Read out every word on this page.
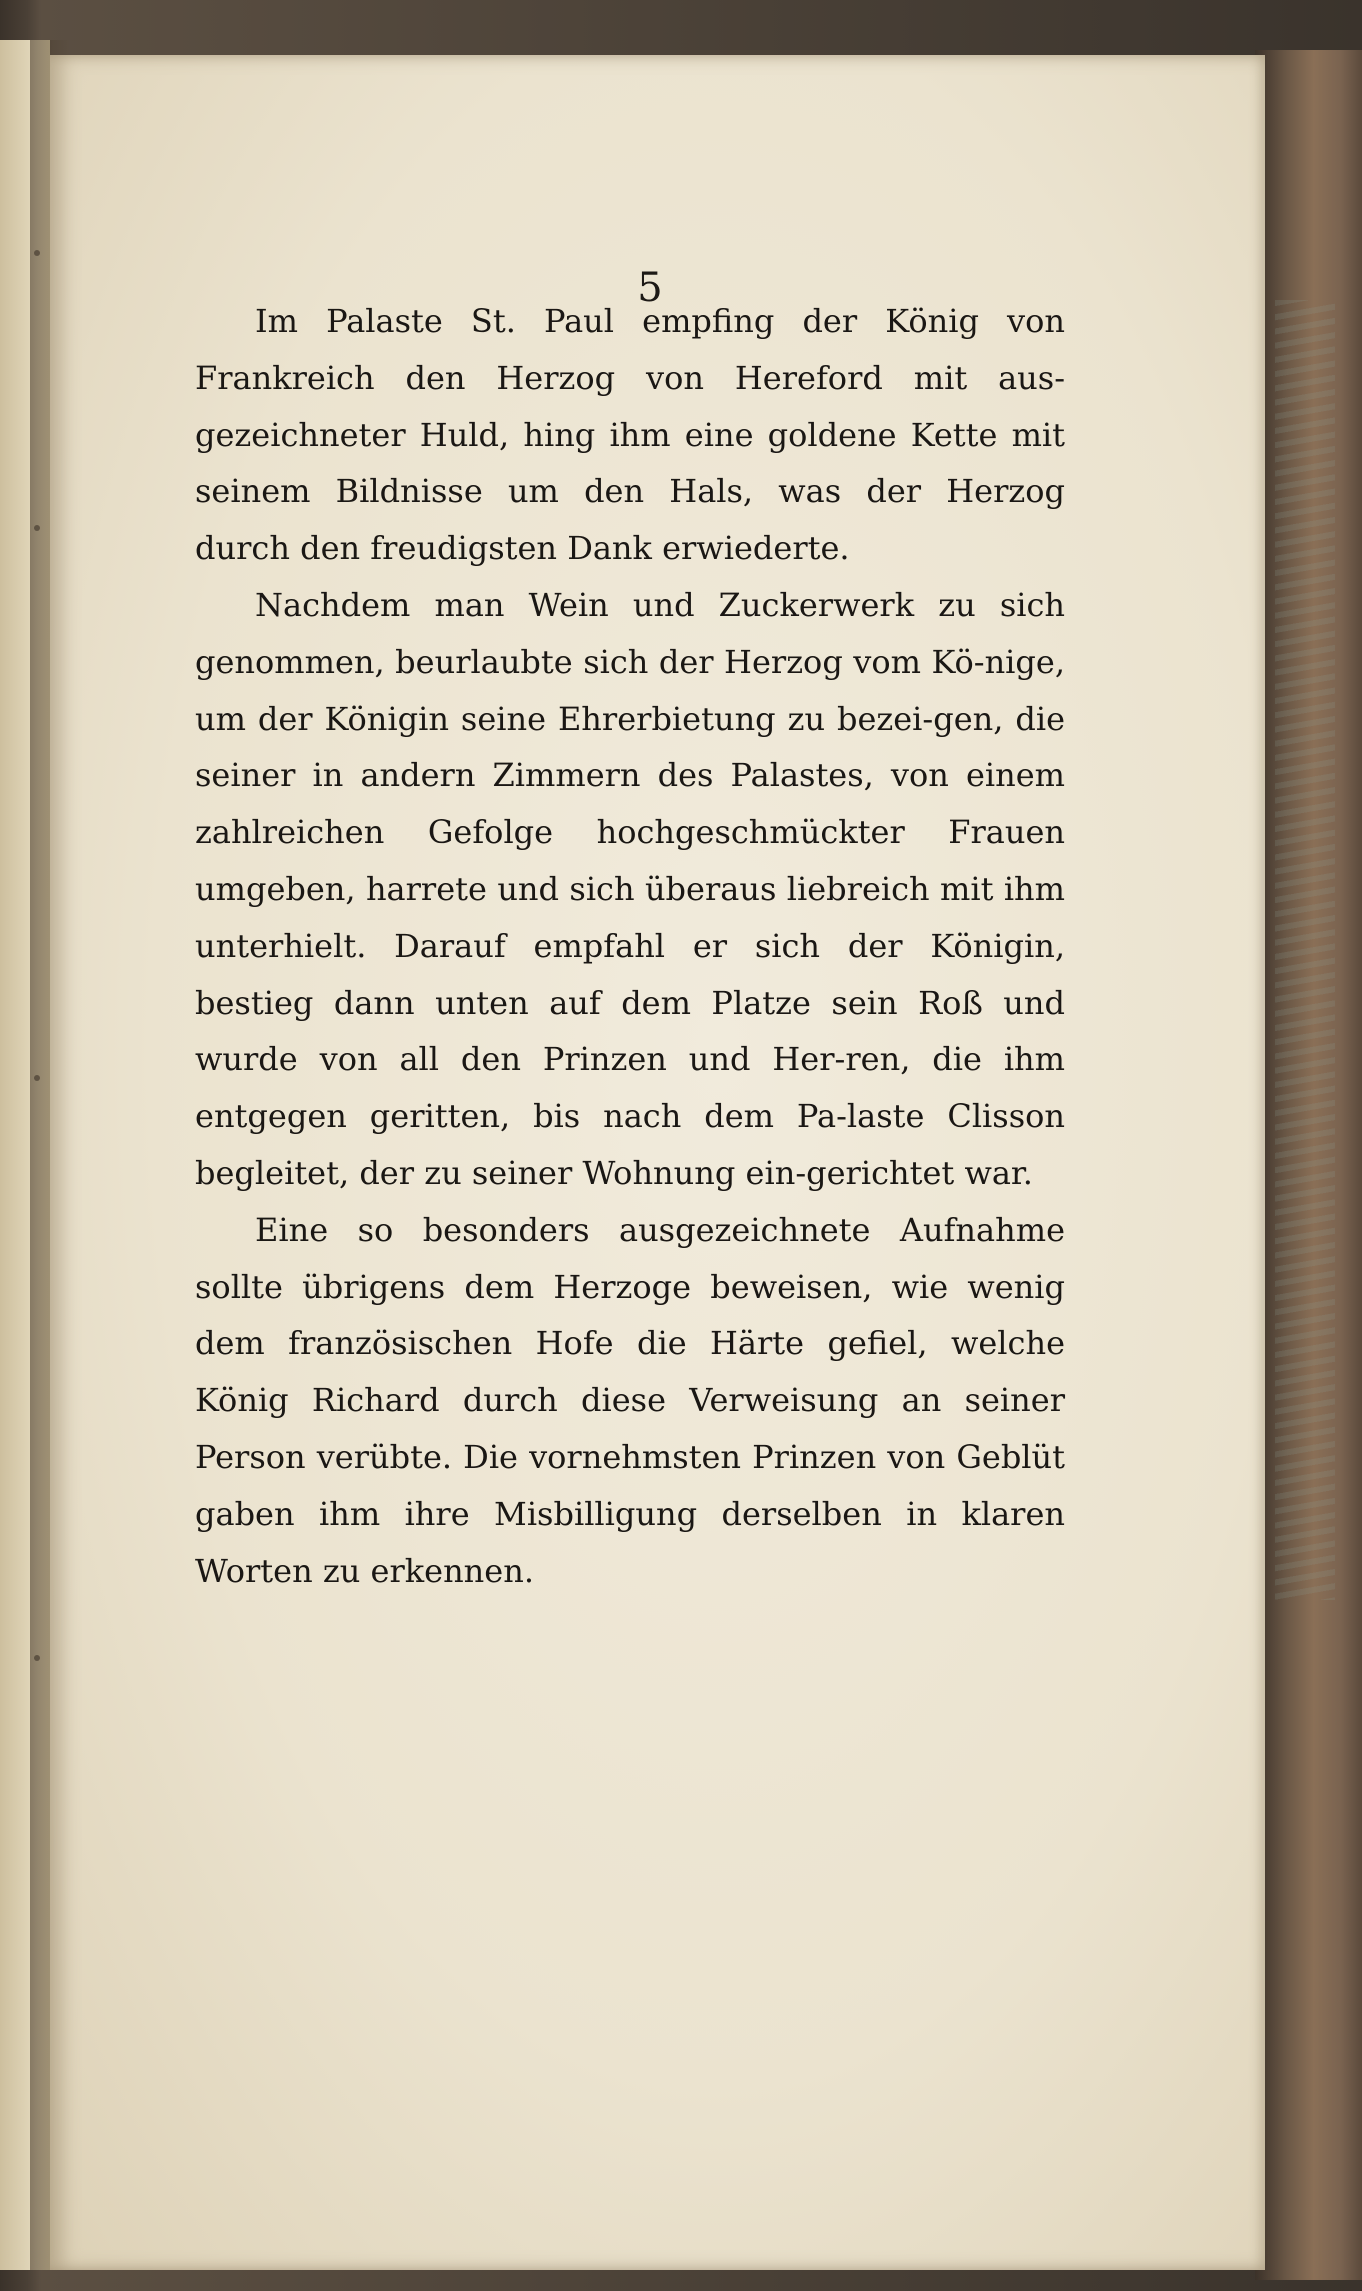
5

Im Palaste St. Paul empfing der König von Frankreich den Herzog von Hereford mit aus-gezeichneter Huld, hing ihm eine goldene Kette mit seinem Bildnisse um den Hals, was der Herzog durch den freudigsten Dank erwiederte.

Nachdem man Wein und Zuckerwerk zu sich genommen, beurlaubte sich der Herzog vom Kö-nige, um der Königin seine Ehrerbietung zu bezei-gen, die seiner in andern Zimmern des Palastes, von einem zahlreichen Gefolge hochgeschmückter Frauen umgeben, harrete und sich überaus liebreich mit ihm unterhielt. Darauf empfahl er sich der Königin, bestieg dann unten auf dem Platze sein Roß und wurde von all den Prinzen und Her-ren, die ihm entgegen geritten, bis nach dem Pa-laste Clisson begleitet, der zu seiner Wohnung ein-gerichtet war.

Eine so besonders ausgezeichnete Aufnahme sollte übrigens dem Herzoge beweisen, wie wenig dem französischen Hofe die Härte gefiel, welche König Richard durch diese Verweisung an seiner Person verübte. Die vornehmsten Prinzen von Geblüt gaben ihm ihre Misbilligung derselben in klaren Worten zu erkennen.
